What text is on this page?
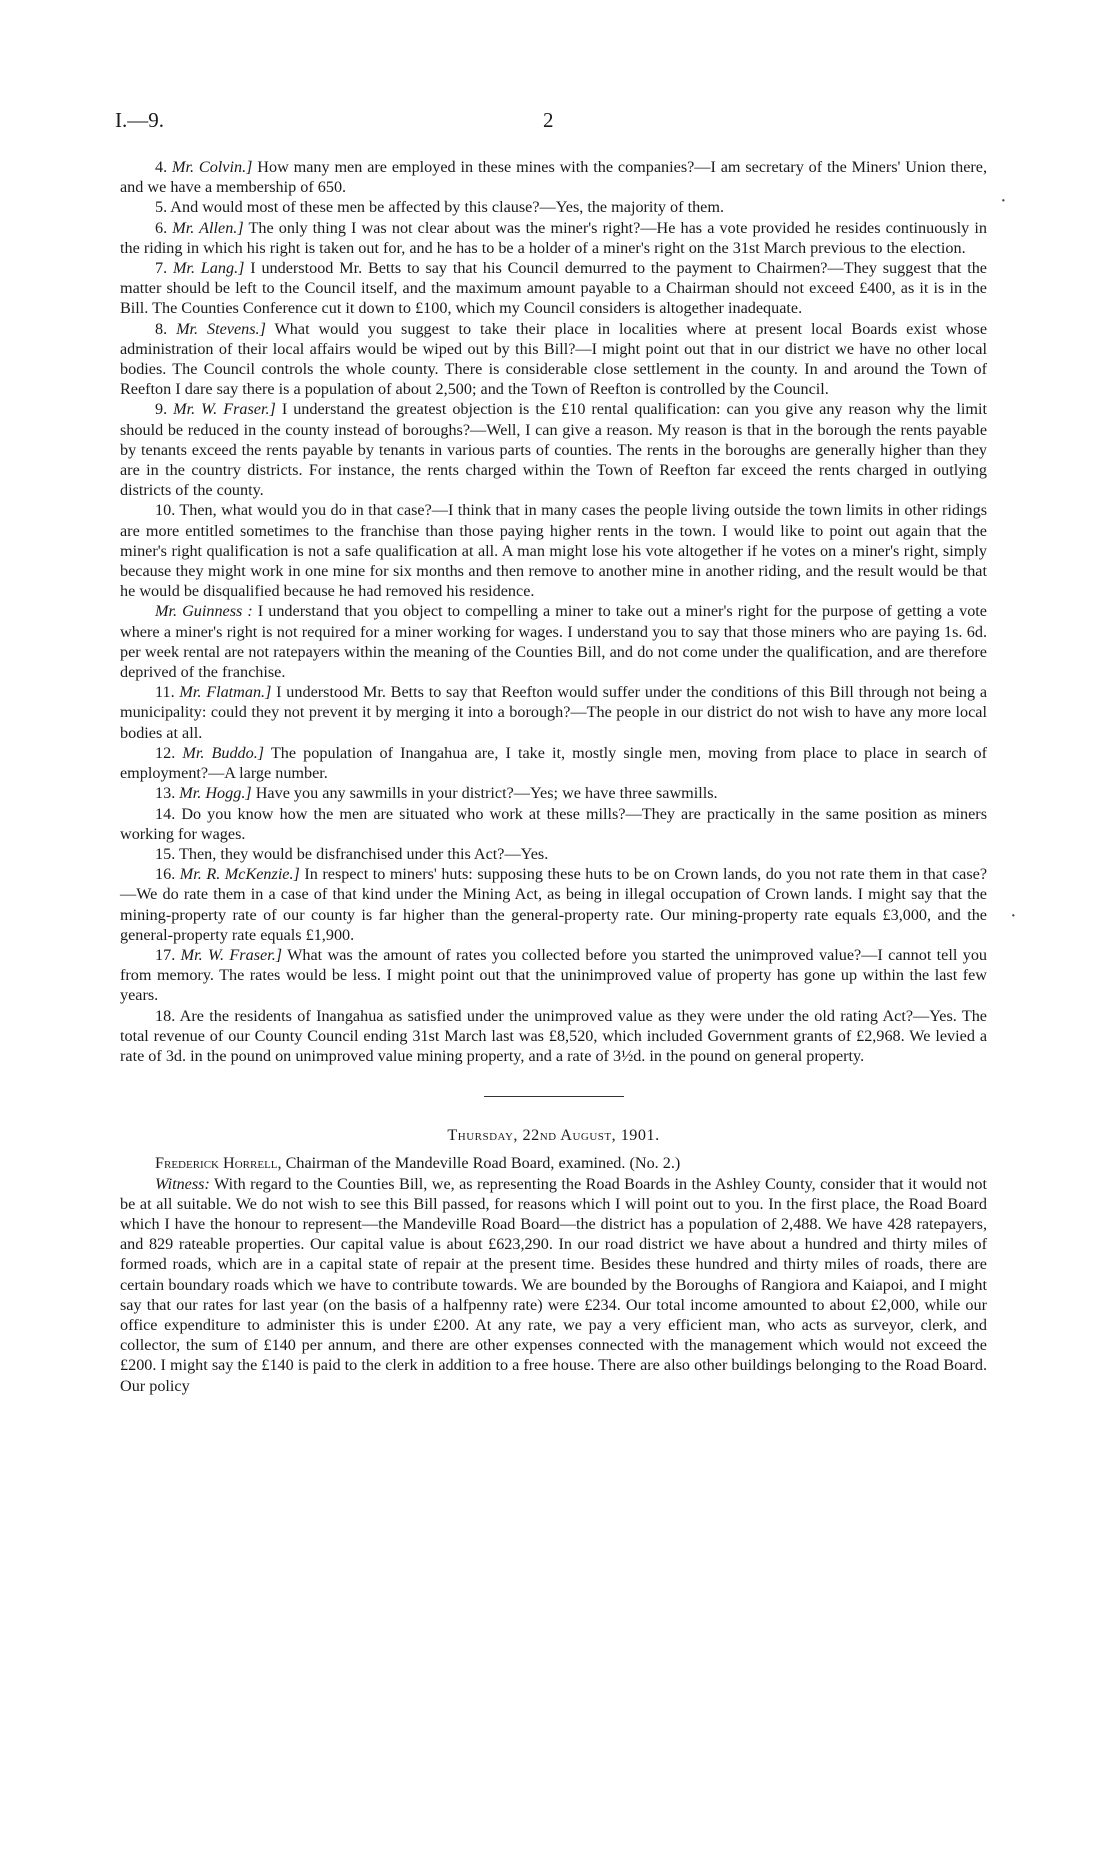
I.—9.	2

4. Mr. Colvin.] How many men are employed in these mines with the companies?—I am secretary of the Miners' Union there, and we have a membership of 650.

5. And would most of these men be affected by this clause?—Yes, the majority of them.

6. Mr. Allen.] The only thing I was not clear about was the miner's right?—He has a vote provided he resides continuously in the riding in which his right is taken out for, and he has to be a holder of a miner's right on the 31st March previous to the election.

7. Mr. Lang.] I understood Mr. Betts to say that his Council demurred to the payment to Chairmen?—They suggest that the matter should be left to the Council itself, and the maximum amount payable to a Chairman should not exceed £400, as it is in the Bill. The Counties Conference cut it down to £100, which my Council considers is altogether inadequate.

8. Mr. Stevens.] What would you suggest to take their place in localities where at present local Boards exist whose administration of their local affairs would be wiped out by this Bill?—I might point out that in our district we have no other local bodies. The Council controls the whole county. There is considerable close settlement in the county. In and around the Town of Reefton I dare say there is a population of about 2,500; and the Town of Reefton is controlled by the Council.

9. Mr. W. Fraser.] I understand the greatest objection is the £10 rental qualification: can you give any reason why the limit should be reduced in the county instead of boroughs?—Well, I can give a reason. My reason is that in the borough the rents payable by tenants exceed the rents payable by tenants in various parts of counties. The rents in the boroughs are generally higher than they are in the country districts. For instance, the rents charged within the Town of Reefton far exceed the rents charged in outlying districts of the county.

10. Then, what would you do in that case?—I think that in many cases the people living outside the town limits in other ridings are more entitled sometimes to the franchise than those paying higher rents in the town. I would like to point out again that the miner's right qualification is not a safe qualification at all. A man might lose his vote altogether if he votes on a miner's right, simply because they might work in one mine for six months and then remove to another mine in another riding, and the result would be that he would be disqualified because he had removed his residence.

Mr. Guinness : I understand that you object to compelling a miner to take out a miner's right for the purpose of getting a vote where a miner's right is not required for a miner working for wages. I understand you to say that those miners who are paying 1s. 6d. per week rental are not ratepayers within the meaning of the Counties Bill, and do not come under the qualification, and are therefore deprived of the franchise.

11. Mr. Flatman.] I understood Mr. Betts to say that Reefton would suffer under the conditions of this Bill through not being a municipality: could they not prevent it by merging it into a borough?—The people in our district do not wish to have any more local bodies at all.

12. Mr. Buddo.] The population of Inangahua are, I take it, mostly single men, moving from place to place in search of employment?—A large number.

13. Mr. Hogg.] Have you any sawmills in your district?—Yes; we have three sawmills.

14. Do you know how the men are situated who work at these mills?—They are practically in the same position as miners working for wages.

15. Then, they would be disfranchised under this Act?—Yes.

16. Mr. R. McKenzie.] In respect to miners' huts: supposing these huts to be on Crown lands, do you not rate them in that case?—We do rate them in a case of that kind under the Mining Act, as being in illegal occupation of Crown lands. I might say that the mining-property rate of our county is far higher than the general-property rate. Our mining-property rate equals £3,000, and the general-property rate equals £1,900.

17. Mr. W. Fraser.] What was the amount of rates you collected before you started the unimproved value?—I cannot tell you from memory. The rates would be less. I might point out that the uninimproved value of property has gone up within the last few years.

18. Are the residents of Inangahua as satisfied under the unimproved value as they were under the old rating Act?—Yes. The total revenue of our County Council ending 31st March last was £8,520, which included Government grants of £2,968. We levied a rate of 3d. in the pound on unimproved value mining property, and a rate of 3½d. in the pound on general property.

Thursday, 22nd August, 1901.

Frederick Horrell, Chairman of the Mandeville Road Board, examined. (No. 2.)

Witness: With regard to the Counties Bill, we, as representing the Road Boards in the Ashley County, consider that it would not be at all suitable. We do not wish to see this Bill passed, for reasons which I will point out to you. In the first place, the Road Board which I have the honour to represent—the Mandeville Road Board—the district has a population of 2,488. We have 428 ratepayers, and 829 rateable properties. Our capital value is about £623,290. In our road district we have about a hundred and thirty miles of formed roads, which are in a capital state of repair at the present time. Besides these hundred and thirty miles of roads, there are certain boundary roads which we have to contribute towards. We are bounded by the Boroughs of Rangiora and Kaiapoi, and I might say that our rates for last year (on the basis of a halfpenny rate) were £234. Our total income amounted to about £2,000, while our office expenditure to administer this is under £200. At any rate, we pay a very efficient man, who acts as surveyor, clerk, and collector, the sum of £140 per annum, and there are other expenses connected with the management which would not exceed the £200. I might say the £140 is paid to the clerk in addition to a free house. There are also other buildings belonging to the Road Board. Our policy

·
·
